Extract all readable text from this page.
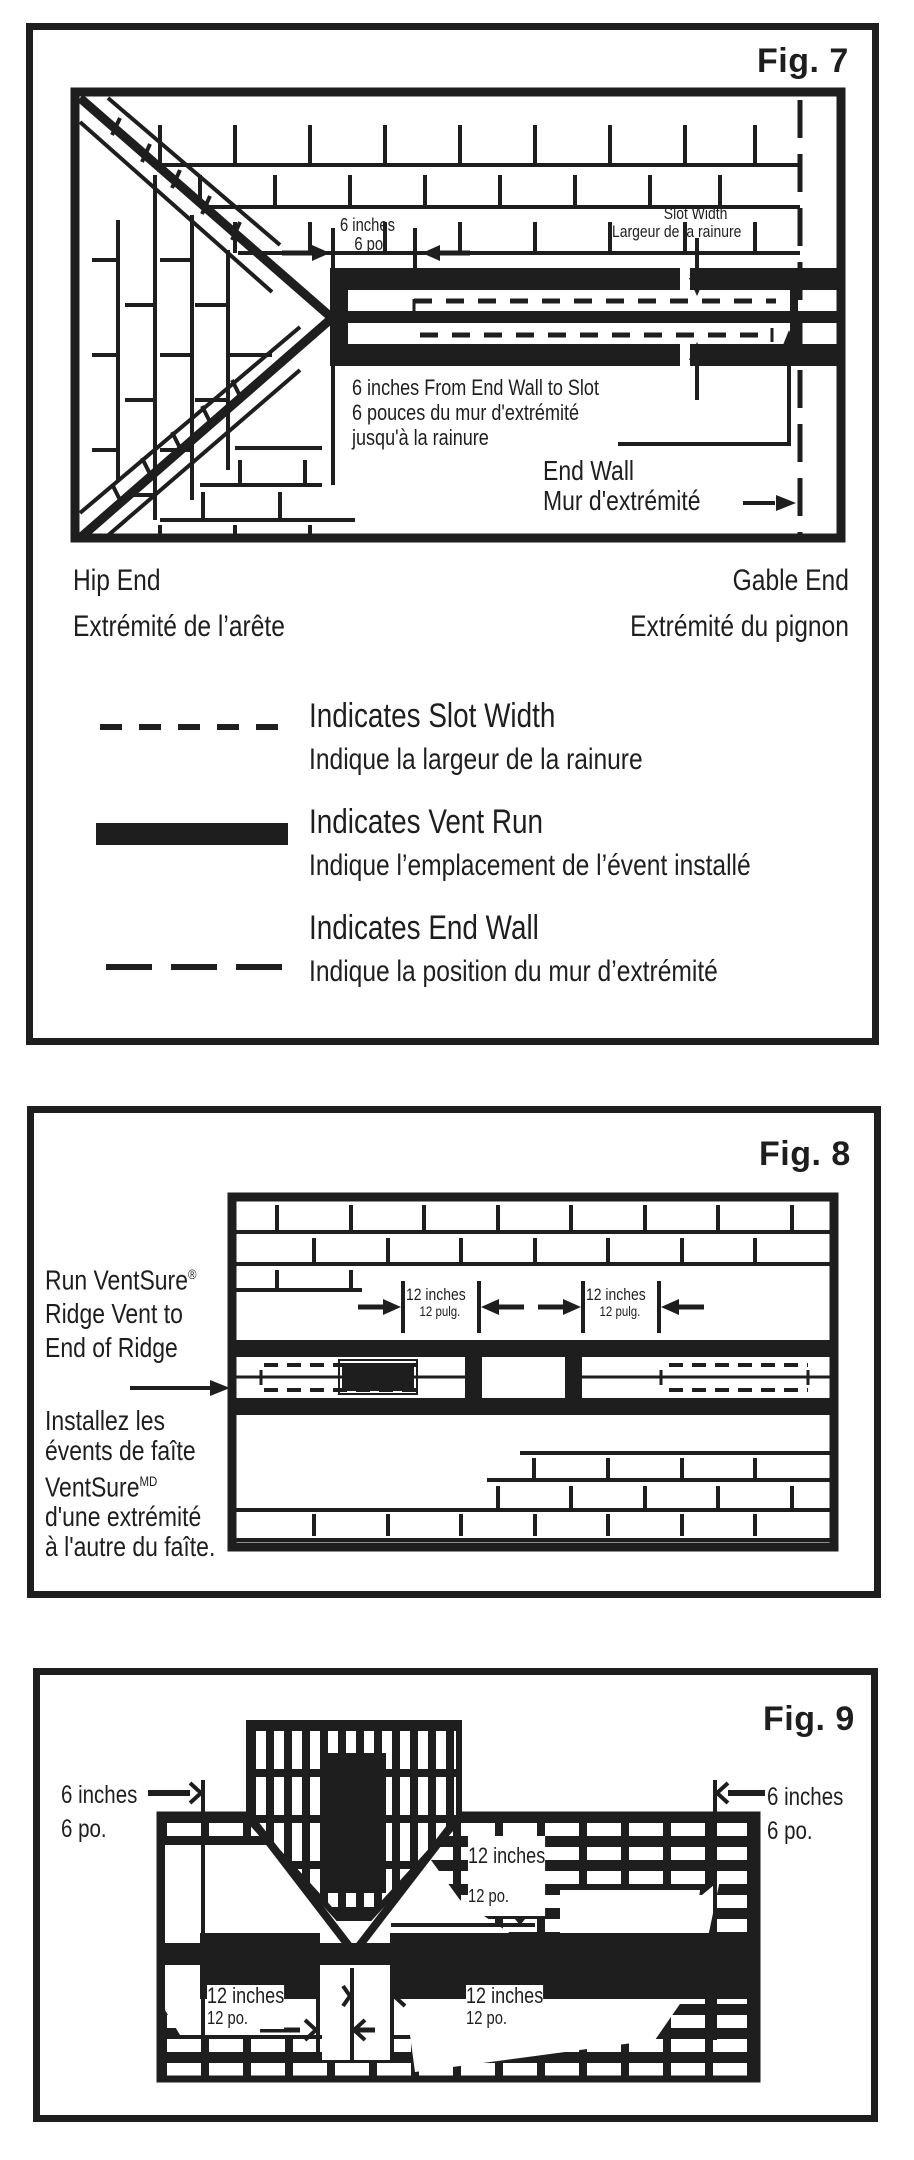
Fig. 7
6 inches
6 po.
Slot Width
Largeur de la rainure
6 inches From End Wall to Slot
6 pouces du mur d'extrémité
jusqu'à la rainure
End Wall
Mur d'extrémité
Hip End
Extrémité de l’arête
Gable End
Extrémité du pignon
Indicates Slot Width
Indique la largeur de la rainure
Indicates Vent Run
Indique l’emplacement de l’évent installé
Indicates End Wall
Indique la position du mur d’extrémité
Fig. 8
12 inches
12 pulg.
12 inches
12 pulg.
Run VentSure®
Ridge Vent to
End of Ridge
Installez les
évents de faîte
VentSure$^{MD}$
d'une extrémité
à l'autre du faîte.
Fig. 9
6 inches
6 po.
6 inches
6 po.
12 inches
12 po.
12 inches
12 po.
12 inches
12 po.
